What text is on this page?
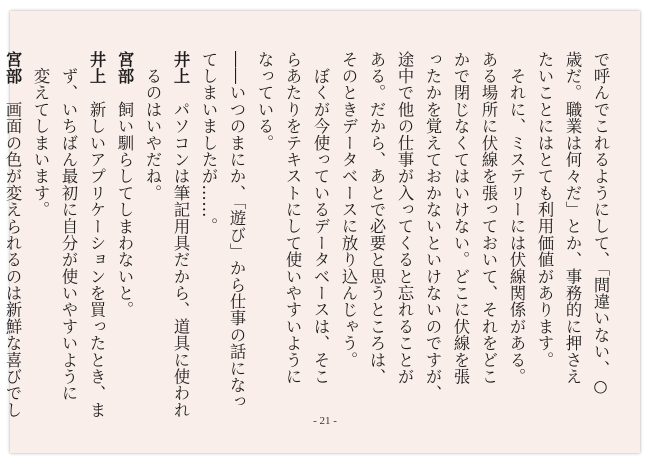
で呼んでこれるようにして、「間違いない、○
歳だ。職業は何々だ」とか、事務的に押さえ
たいことにはとても利用価値があります。
　それに、ミステリーには伏線関係がある。
ある場所に伏線を張っておいて、それをどこ
かで閉じなくてはいけない。どこに伏線を張
ったかを覚えておかないといけないのですが、
途中で他の仕事が入ってくると忘れることが
ある。だから、あとで必要と思うところは、
そのときデータベースに放り込んじゃう。
　ぼくが今使っているデータベースは、そこ
らあたりをテキストにして使いやすいように
なっている。
――いつのまにか、「遊び」から仕事の話になっ
てしまいましたが……。
井上　パソコンは筆記用具だから、道具に使われ
　るのはいやだね。
宮部　飼い馴らしてしまわないと。
井上　新しいアプリケーションを買ったとき、ま
　ず、いちばん最初に自分が使いやすいように
　変えてしまいます。
宮部　画面の色が変えられるのは新鮮な喜びでし
- 21 -
